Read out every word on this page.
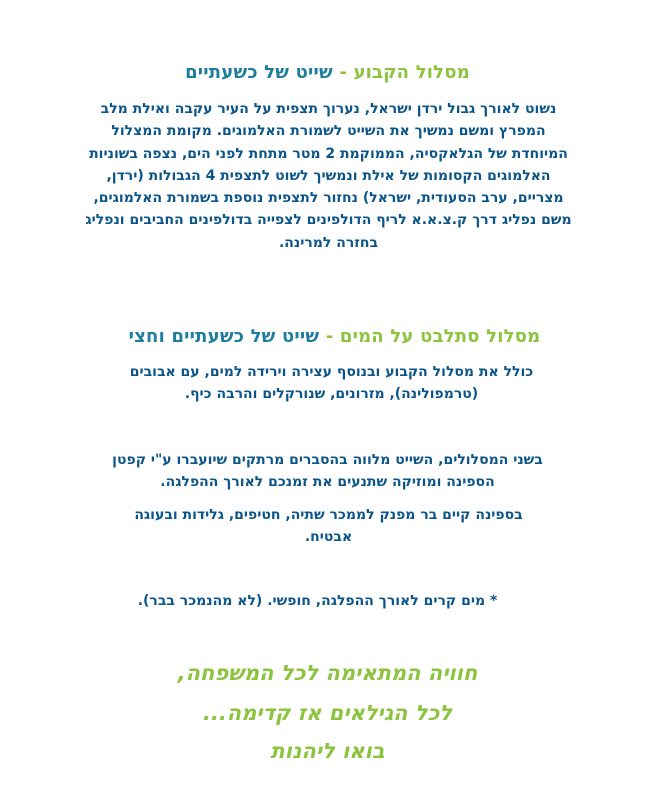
מסלול הקבוע - שייט של כשעתיים
נשוט לאורך גבול ירדן ישראל, נערוך תצפית על העיר עקבה ואילת מלב המפרץ ומשם נמשיך את השייט לשמורת האלמוגים. מקומת המצלול המיוחדת של הגלאקסיה, הממוקמת 2 מטר מתחת לפני הים, נצפה בשוניות האלמוגים הקסומות של אילת ונמשיך לשוט לתצפית 4 הגבולות (ירדן, מצריים, ערב הסעודית, ישראל) נחזור לתצפית נוספת בשמורת האלמוגים, משם נפליג דרך ק.צ.א.א לריף הדולפינים לצפייה בדולפינים החביבים ונפליג בחזרה למרינה.
מסלול סתלבט על המים - שייט של כשעתיים וחצי
כולל את מסלול הקבוע ובנוסף עצירה וירידה למים, עם אבובים (טרמפולינה), מזרונים, שנורקלים והרבה כיף.
בשני המסלולים, השייט מלווה בהסברים מרתקים שיועברו ע"י קפטן הספינה ומוזיקה שתנעים את זמנכם לאורך ההפלגה.
בספינה קיים בר מפנק לממכר שתיה, חטיפים, גלידות ובעוגה אבטיח.
* מים קרים לאורך ההפלגה, חופשי. (לא מהנמכר בבר).
חוויה המתאימה לכל המשפחה,
לכל הגילאים אז קדימה...
בואו ליהנות
